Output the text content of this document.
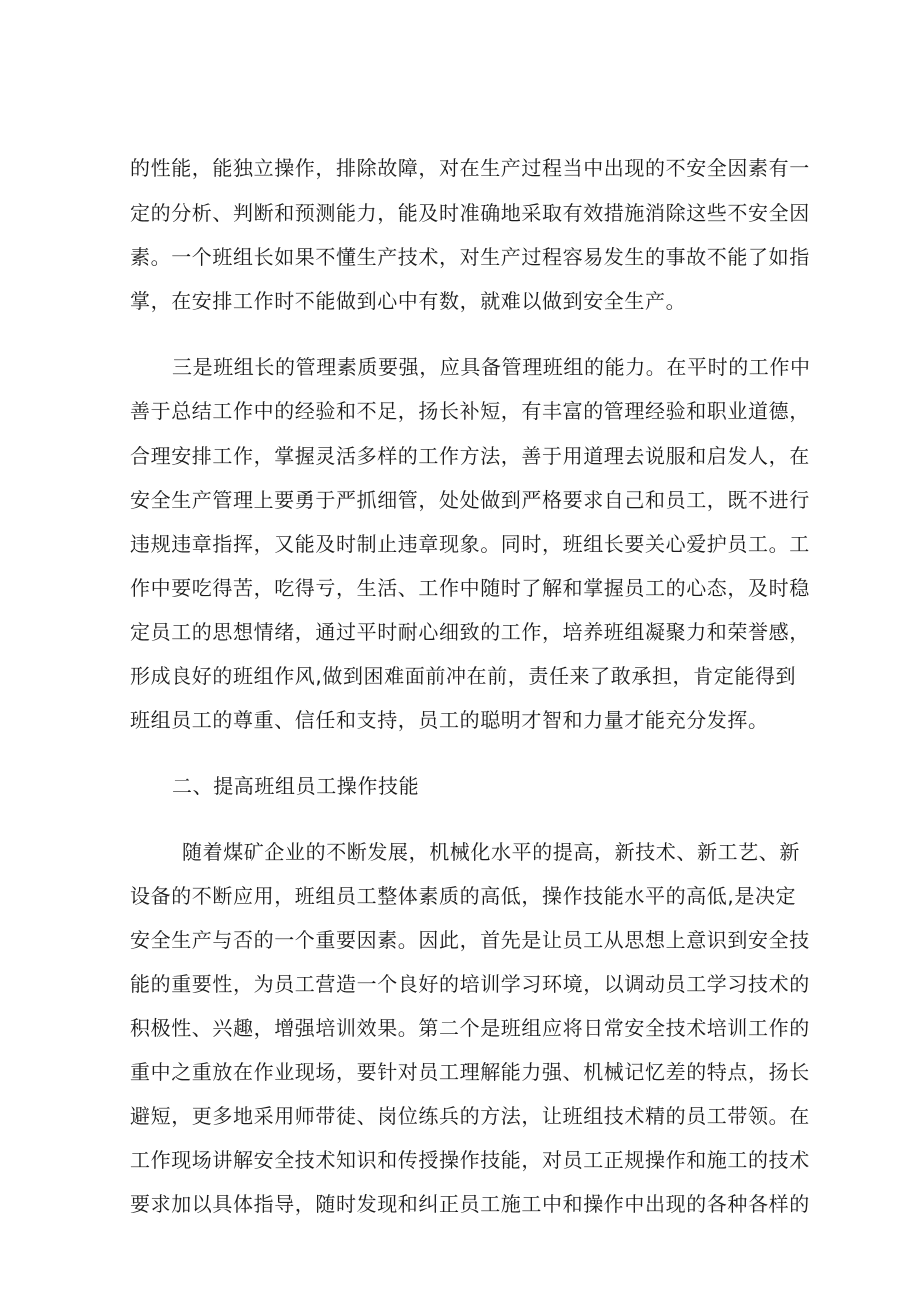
的性能，能独立操作，排除故障，对在生产过程当中出现的不安全因素有一
定的分析、判断和预测能力，能及时准确地采取有效措施消除这些不安全因
素。一个班组长如果不懂生产技术，对生产过程容易发生的事故不能了如指
掌，在安排工作时不能做到心中有数，就难以做到安全生产。
三是班组长的管理素质要强，应具备管理班组的能力。在平时的工作中
善于总结工作中的经验和不足，扬长补短，有丰富的管理经验和职业道德，
合理安排工作，掌握灵活多样的工作方法，善于用道理去说服和启发人，在
安全生产管理上要勇于严抓细管，处处做到严格要求自己和员工，既不进行
违规违章指挥，又能及时制止违章现象。同时，班组长要关心爱护员工。工
作中要吃得苦，吃得亏，生活、工作中随时了解和掌握员工的心态，及时稳
定员工的思想情绪，通过平时耐心细致的工作，培养班组凝聚力和荣誉感，
形成良好的班组作风,做到困难面前冲在前，责任来了敢承担，肯定能得到
班组员工的尊重、信任和支持，员工的聪明才智和力量才能充分发挥。
二、提高班组员工操作技能
随着煤矿企业的不断发展，机械化水平的提高，新技术、新工艺、新
设备的不断应用，班组员工整体素质的高低，操作技能水平的高低,是决定
安全生产与否的一个重要因素。因此，首先是让员工从思想上意识到安全技
能的重要性，为员工营造一个良好的培训学习环境，以调动员工学习技术的
积极性、兴趣，增强培训效果。第二个是班组应将日常安全技术培训工作的
重中之重放在作业现场，要针对员工理解能力强、机械记忆差的特点，扬长
避短，更多地采用师带徒、岗位练兵的方法，让班组技术精的员工带领。在
工作现场讲解安全技术知识和传授操作技能，对员工正规操作和施工的技术
要求加以具体指导，随时发现和纠正员工施工中和操作中出现的各种各样的
